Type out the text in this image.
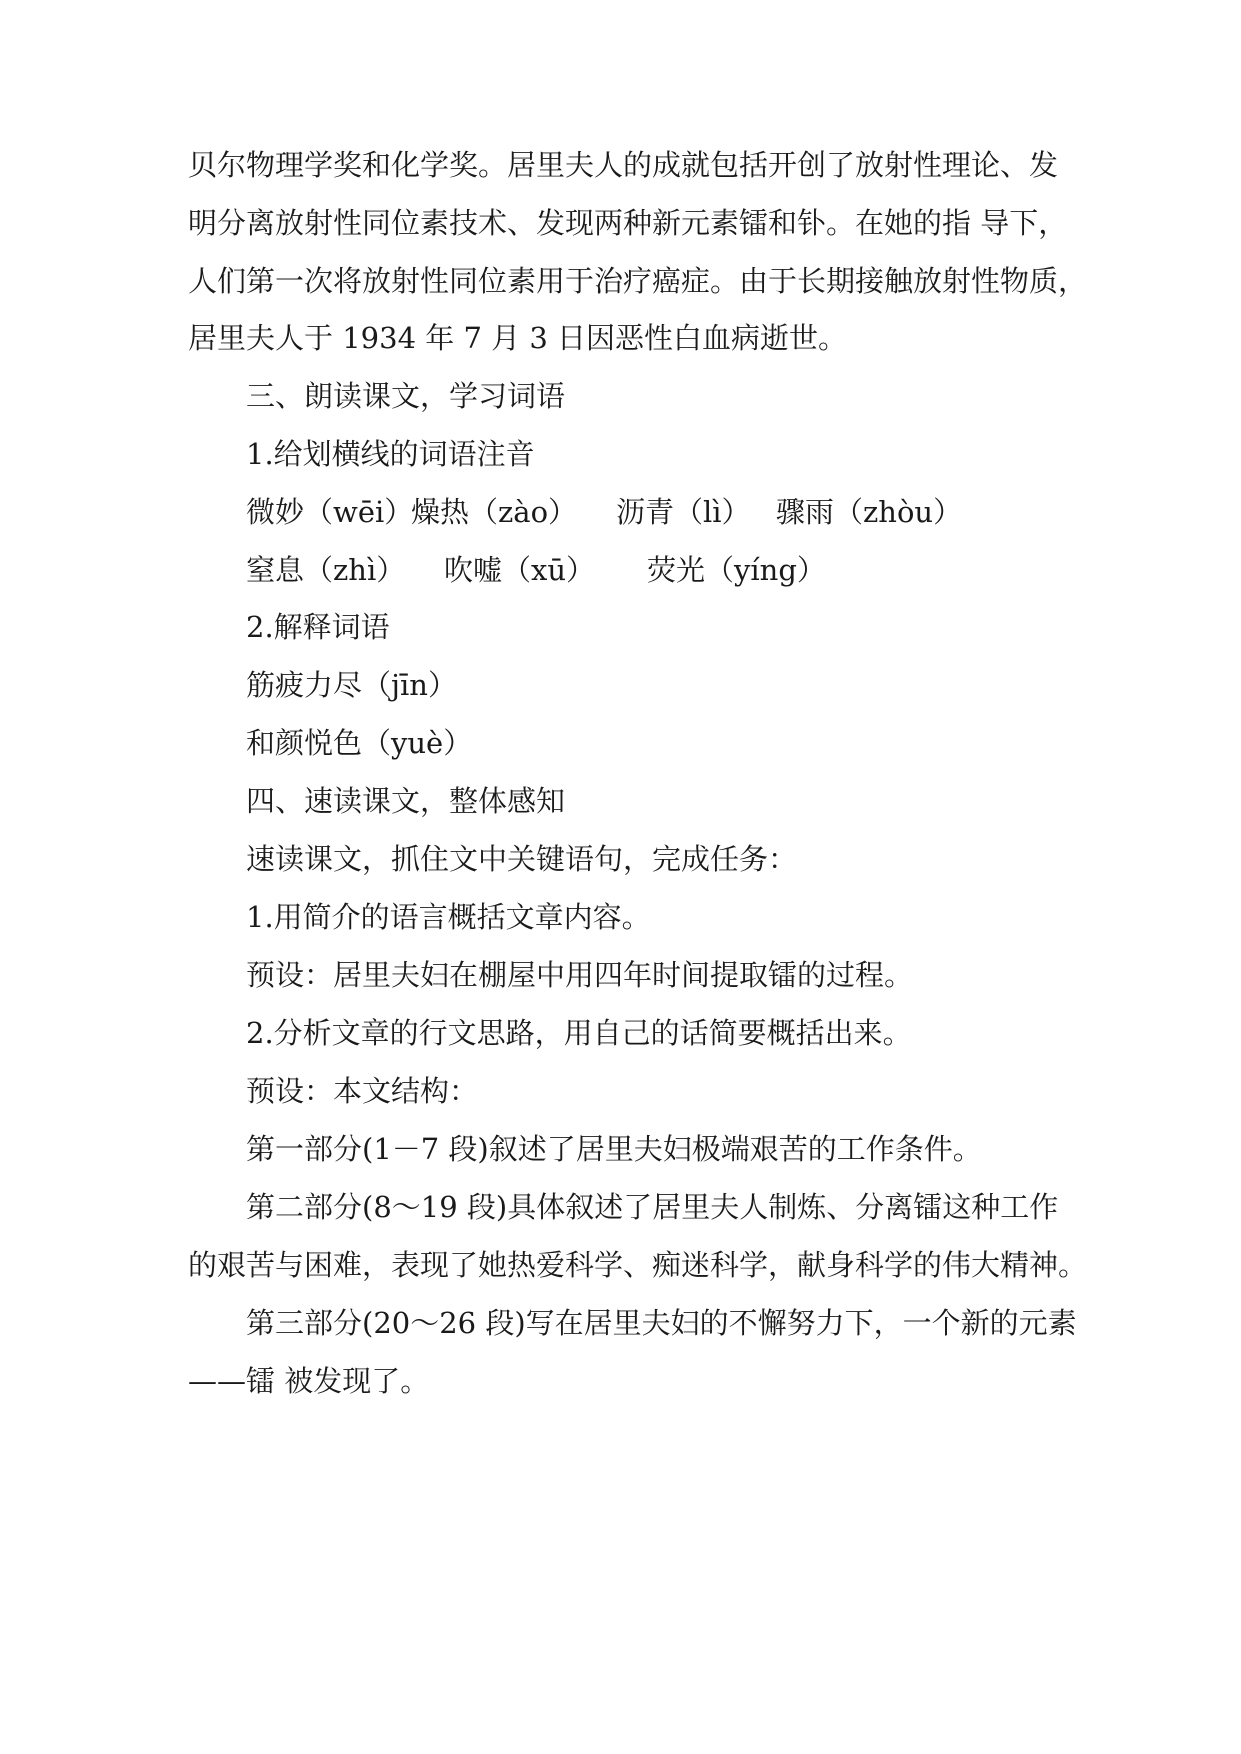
贝尔物理学奖和化学奖。居里夫人的成就包括开创了放射性理论、发
明分离放射性同位素技术、发现两种新元素镭和钋。在她的指 导下，
人们第一次将放射性同位素用于治疗癌症。由于长期接触放射性物质，
居里夫人于 1934 年 7 月 3 日因恶性白血病逝世。
三、朗读课文，学习词语
1.给划横线的词语注音
微妙（wēi）燥热（zào） 沥青（lì） 骤雨（zhòu）
窒息（zhì） 吹嘘（xū） 荧光（yíng）
2.解释词语
筋疲力尽（jīn）
和颜悦色（yuè）
四、速读课文，整体感知
速读课文，抓住文中关键语句，完成任务：
1.用简介的语言概括文章内容。
预设：居里夫妇在棚屋中用四年时间提取镭的过程。
2.分析文章的行文思路，用自己的话简要概括出来。
预设：本文结构：
第一部分(1－7 段)叙述了居里夫妇极端艰苦的工作条件。
第二部分(8～19 段)具体叙述了居里夫人制炼、分离镭这种工作
的艰苦与困难，表现了她热爱科学、痴迷科学，献身科学的伟大精神。
第三部分(20～26 段)写在居里夫妇的不懈努力下，一个新的元素
——镭 被发现了。
